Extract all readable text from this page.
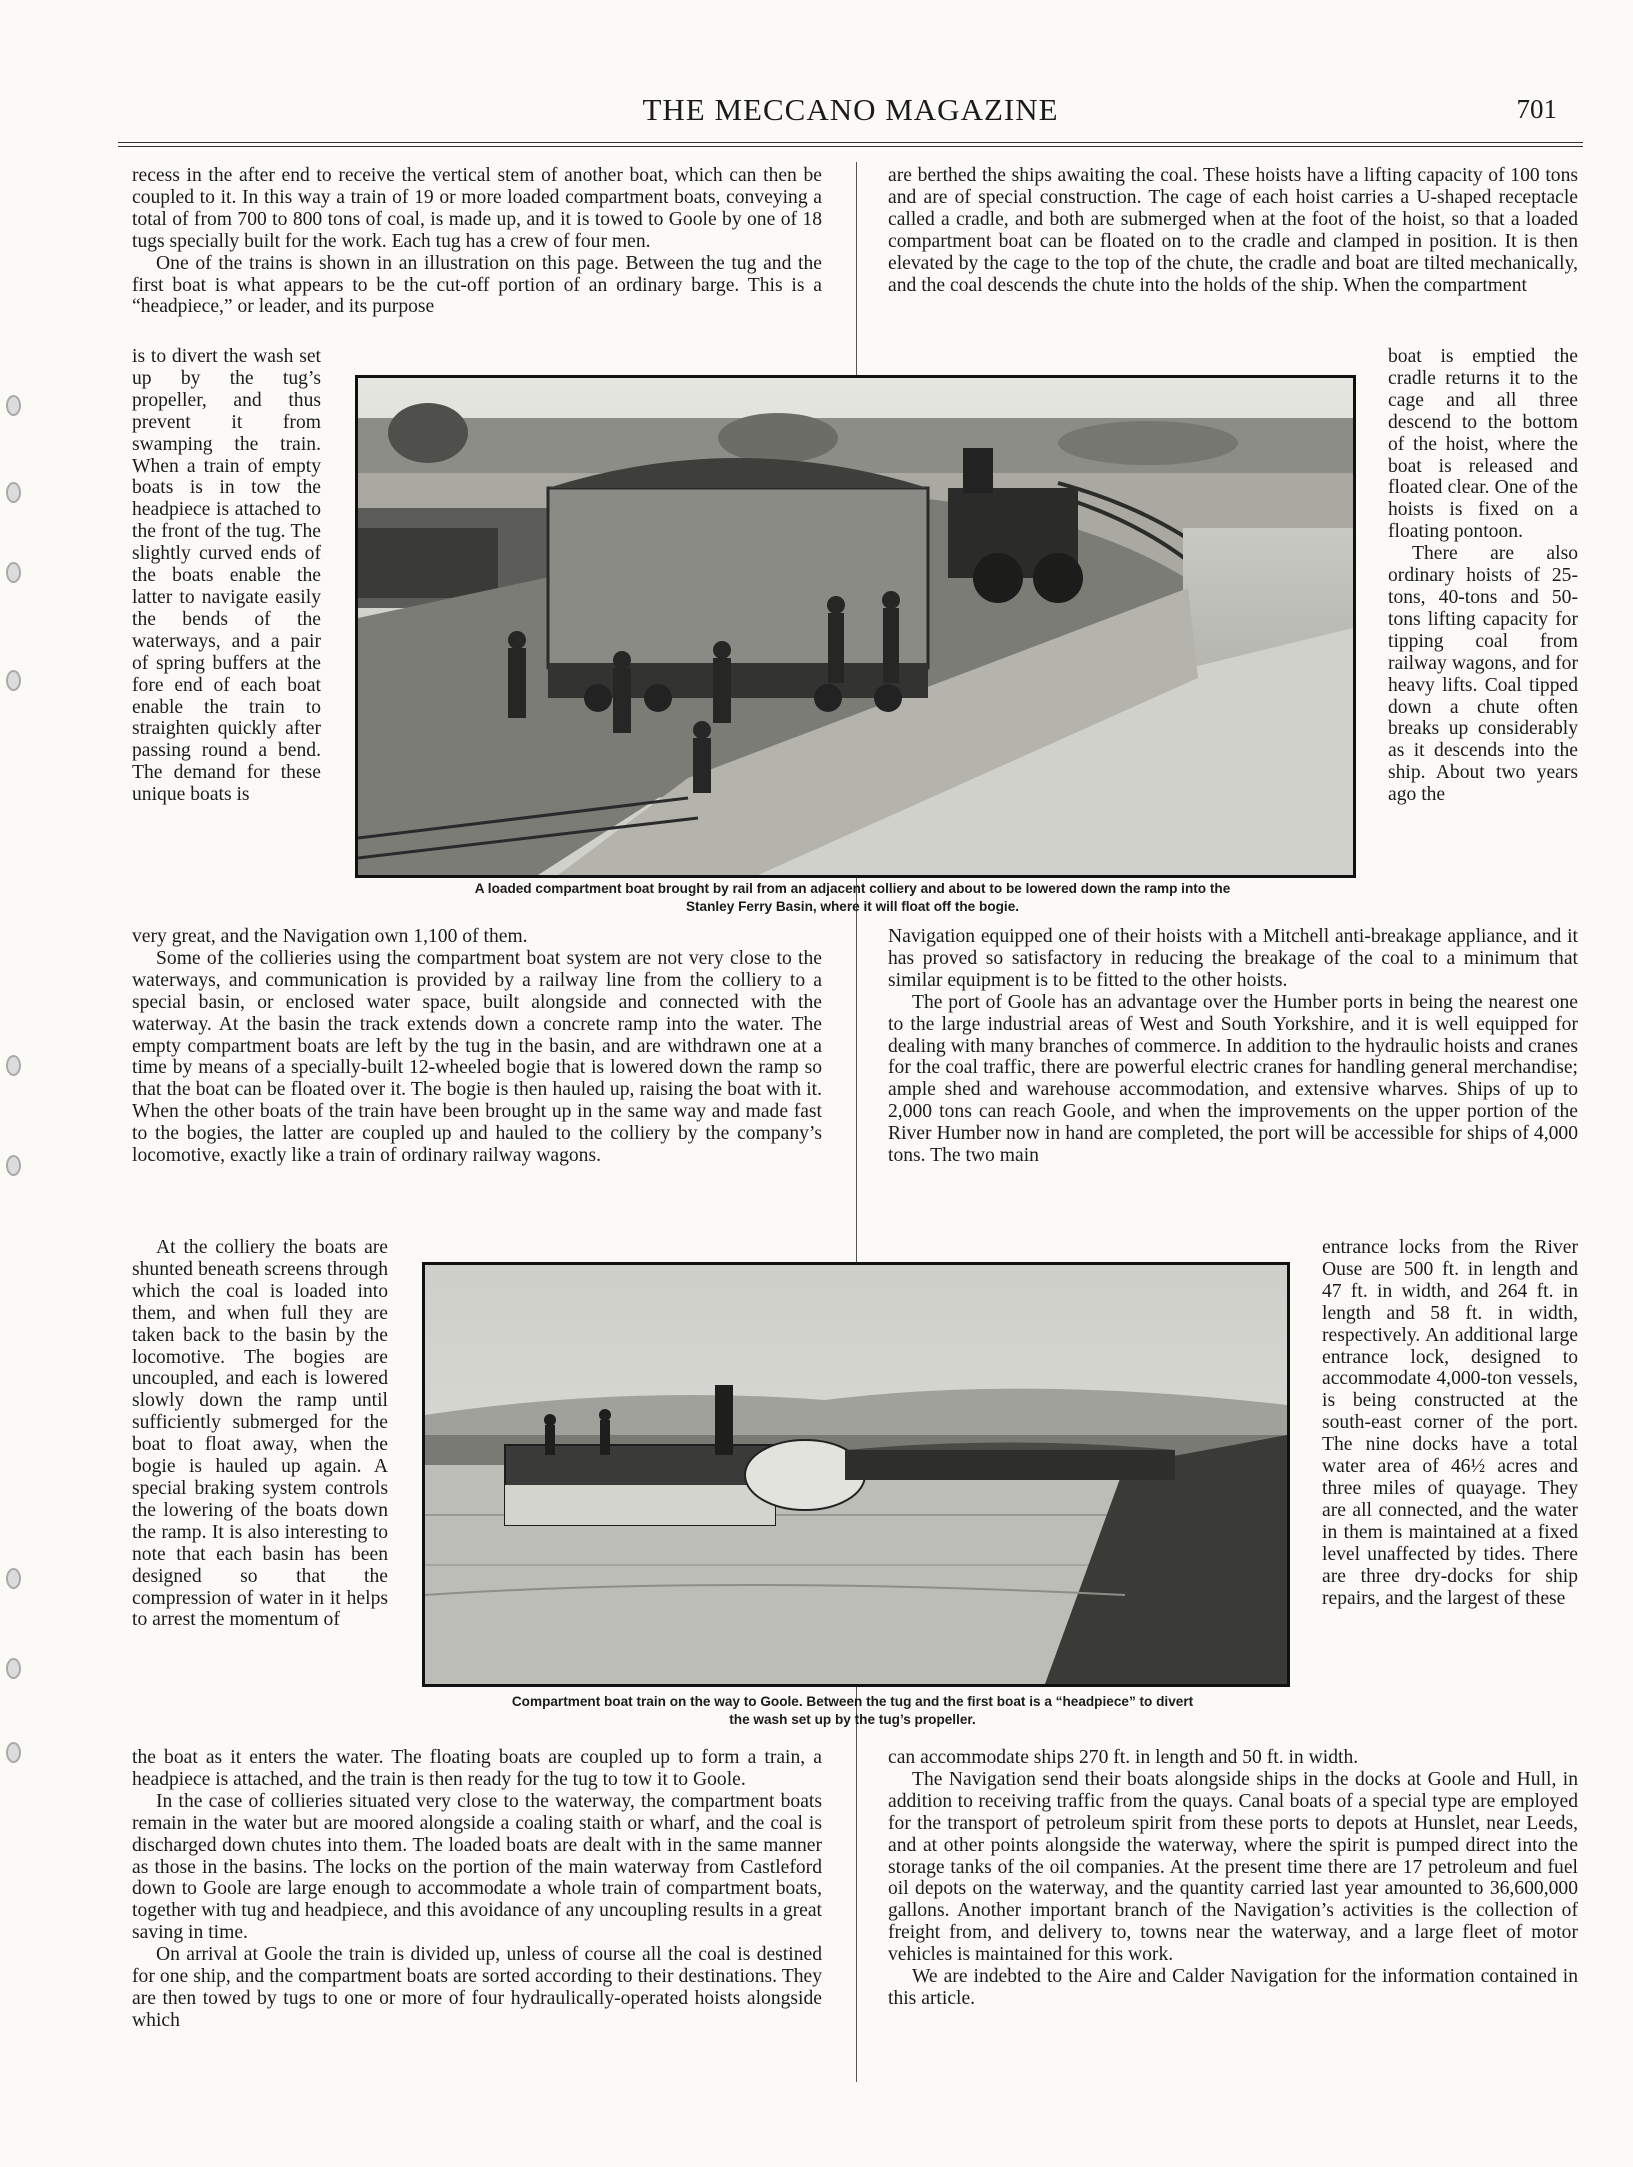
THE MECCANO MAGAZINE	701

recess in the after end to receive the vertical stem of another boat, which can then be coupled to it. In this way a train of 19 or more loaded compartment boats, conveying a total of from 700 to 800 tons of coal, is made up, and it is towed to Goole by one of 18 tugs specially built for the work. Each tug has a crew of four men.

One of the trains is shown in an illustration on this page. Between the tug and the first boat is what appears to be the cut-off portion of an ordinary barge. This is a “headpiece,” or leader, and its purpose

is to divert the wash set up by the tug’s propeller, and thus prevent it from swamping the train. When a train of empty boats is in tow the headpiece is attached to the front of the tug. The slightly curved ends of the boats enable the latter to navigate easily the bends of the waterways, and a pair of spring buffers at the fore end of each boat enable the train to straighten quickly after passing round a bend. The demand for these unique boats is

very great, and the Navigation own 1,100 of them.

Some of the collieries using the compartment boat system are not very close to the waterways, and communication is provided by a railway line from the colliery to a special basin, or enclosed water space, built alongside and connected with the waterway. At the basin the track extends down a concrete ramp into the water. The empty compartment boats are left by the tug in the basin, and are withdrawn one at a time by means of a specially-built 12-wheeled bogie that is lowered down the ramp so that the boat can be floated over it. The bogie is then hauled up, raising the boat with it. When the other boats of the train have been brought up in the same way and made fast to the bogies, the latter are coupled up and hauled to the colliery by the company’s locomotive, exactly like a train of ordinary railway wagons.

At the colliery the boats are shunted beneath screens through which the coal is loaded into them, and when full they are taken back to the basin by the locomotive. The bogies are uncoupled, and each is lowered slowly down the ramp until sufficiently submerged for the boat to float away, when the bogie is hauled up again. A special braking system controls the lowering of the boats down the ramp. It is also interesting to note that each basin has been designed so that the compression of water in it helps to arrest the momentum of

the boat as it enters the water. The floating boats are coupled up to form a train, a headpiece is attached, and the train is then ready for the tug to tow it to Goole.

In the case of collieries situated very close to the waterway, the compartment boats remain in the water but are moored alongside a coaling staith or wharf, and the coal is discharged down chutes into them. The loaded boats are dealt with in the same manner as those in the basins. The locks on the portion of the main waterway from Castleford down to Goole are large enough to accommodate a whole train of compartment boats, together with tug and headpiece, and this avoidance of any uncoupling results in a great saving in time.

On arrival at Goole the train is divided up, unless of course all the coal is destined for one ship, and the compartment boats are sorted according to their destinations. They are then towed by tugs to one or more of four hydraulically-operated hoists alongside which

are berthed the ships awaiting the coal. These hoists have a lifting capacity of 100 tons and are of special construction. The cage of each hoist carries a U-shaped receptacle called a cradle, and both are submerged when at the foot of the hoist, so that a loaded compartment boat can be floated on to the cradle and clamped in position. It is then elevated by the cage to the top of the chute, the cradle and boat are tilted mechanically, and the coal descends the chute into the holds of the ship. When the compartment

boat is emptied the cradle returns it to the cage and all three descend to the bottom of the hoist, where the boat is released and floated clear. One of the hoists is fixed on a floating pontoon.

There are also ordinary hoists of 25-tons, 40-tons and 50-tons lifting capacity for tipping coal from railway wagons, and for heavy lifts. Coal tipped down a chute often breaks up considerably as it descends into the ship. About two years ago the

Navigation equipped one of their hoists with a Mitchell anti-breakage appliance, and it has proved so satisfactory in reducing the breakage of the coal to a minimum that similar equipment is to be fitted to the other hoists.

The port of Goole has an advantage over the Humber ports in being the nearest one to the large industrial areas of West and South Yorkshire, and it is well equipped for dealing with many branches of commerce. In addition to the hydraulic hoists and cranes for the coal traffic, there are powerful electric cranes for handling general merchandise; ample shed and warehouse accommodation, and extensive wharves. Ships of up to 2,000 tons can reach Goole, and when the improvements on the upper portion of the River Humber now in hand are completed, the port will be accessible for ships of 4,000 tons. The two main

entrance locks from the River Ouse are 500 ft. in length and 47 ft. in width, and 264 ft. in length and 58 ft. in width, respectively. An additional large entrance lock, designed to accommodate 4,000-ton vessels, is being constructed at the south-east corner of the port. The nine docks have a total water area of 46½ acres and three miles of quayage. They are all connected, and the water in them is maintained at a fixed level unaffected by tides. There are three dry-docks for ship repairs, and the largest of these

can accommodate ships 270 ft. in length and 50 ft. in width.

The Navigation send their boats alongside ships in the docks at Goole and Hull, in addition to receiving traffic from the quays. Canal boats of a special type are employed for the transport of petroleum spirit from these ports to depots at Hunslet, near Leeds, and at other points alongside the waterway, where the spirit is pumped direct into the storage tanks of the oil companies. At the present time there are 17 petroleum and fuel oil depots on the waterway, and the quantity carried last year amounted to 36,600,000 gallons. Another important branch of the Navigation’s activities is the collection of freight from, and delivery to, towns near the waterway, and a large fleet of motor vehicles is maintained for this work.

We are indebted to the Aire and Calder Navigation for the information contained in this article.

A loaded compartment boat brought by rail from an adjacent colliery and about to be lowered down the ramp into the
Stanley Ferry Basin, where it will float off the bogie.
Compartment boat train on the way to Goole. Between the tug and the first boat is a “headpiece” to divert
the wash set up by the tug’s propeller.
